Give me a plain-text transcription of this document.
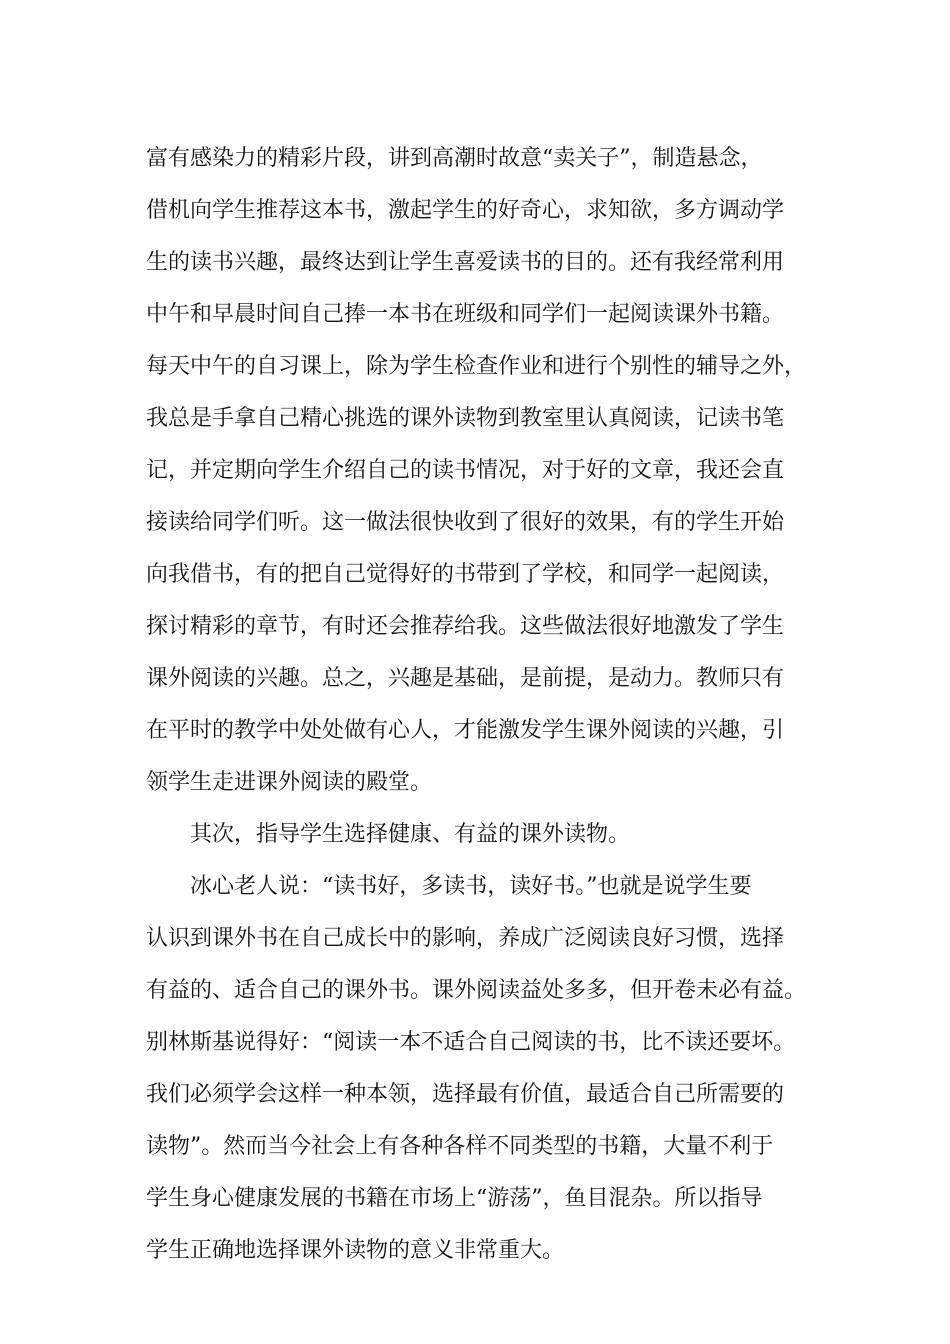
富有感染力的精彩片段，讲到高潮时故意“卖关子”，制造悬念，
借机向学生推荐这本书，激起学生的好奇心，求知欲，多方调动学
生的读书兴趣，最终达到让学生喜爱读书的目的。还有我经常利用
中午和早晨时间自己捧一本书在班级和同学们一起阅读课外书籍。
每天中午的自习课上，除为学生检查作业和进行个别性的辅导之外，
我总是手拿自己精心挑选的课外读物到教室里认真阅读，记读书笔
记，并定期向学生介绍自己的读书情况，对于好的文章，我还会直
接读给同学们听。这一做法很快收到了很好的效果，有的学生开始
向我借书，有的把自己觉得好的书带到了学校，和同学一起阅读，
探讨精彩的章节，有时还会推荐给我。这些做法很好地激发了学生
课外阅读的兴趣。总之，兴趣是基础，是前提，是动力。教师只有
在平时的教学中处处做有心人，才能激发学生课外阅读的兴趣，引
领学生走进课外阅读的殿堂。
其次，指导学生选择健康、有益的课外读物。
冰心老人说：“读书好，多读书，读好书。”也就是说学生要
认识到课外书在自己成长中的影响，养成广泛阅读良好习惯，选择
有益的、适合自己的课外书。课外阅读益处多多，但开卷未必有益。
别林斯基说得好：“阅读一本不适合自己阅读的书，比不读还要坏。
我们必须学会这样一种本领，选择最有价值，最适合自己所需要的
读物”。然而当今社会上有各种各样不同类型的书籍，大量不利于
学生身心健康发展的书籍在市场上“游荡”，鱼目混杂。所以指导
学生正确地选择课外读物的意义非常重大。
